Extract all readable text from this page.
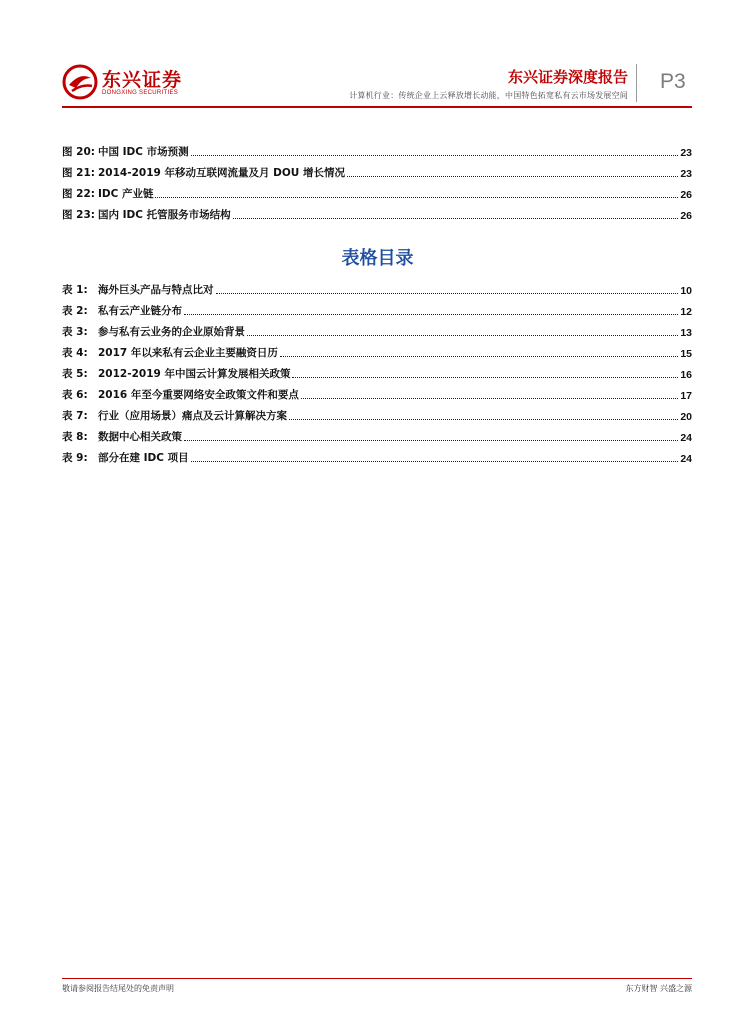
东兴证券
DONGXING SECURITIES
东兴证券深度报告
计算机行业：传统企业上云释放增长动能，中国特色拓宽私有云市场发展空间
P3
图 20: 中国 IDC 市场预测	23
图 21: 2014-2019 年移动互联网流量及月 DOU 增长情况	23
图 22: IDC 产业链	26
图 23: 国内 IDC 托管服务市场结构	26
表格目录
表 1: 海外巨头产品与特点比对	10
表 2: 私有云产业链分布	12
表 3: 参与私有云业务的企业原始背景	13
表 4: 2017 年以来私有云企业主要融资日历	15
表 5: 2012-2019 年中国云计算发展相关政策	16
表 6: 2016 年至今重要网络安全政策文件和要点	17
表 7: 行业（应用场景）痛点及云计算解决方案	20
表 8: 数据中心相关政策	24
表 9: 部分在建 IDC 项目	24
敬请参阅报告结尾处的免责声明	东方财智 兴盛之源
